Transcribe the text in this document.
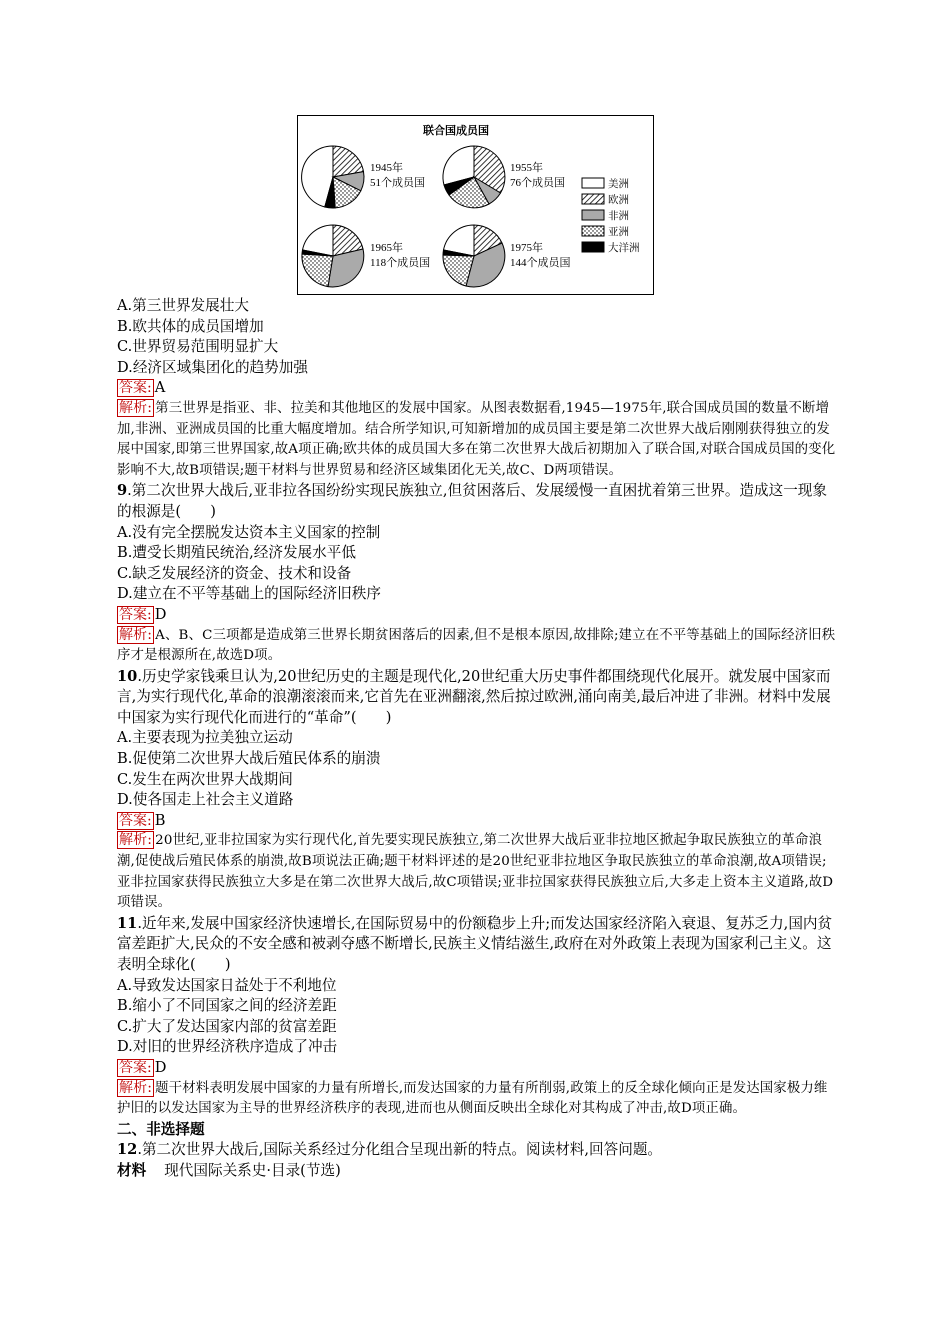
联合国成员国
1945年
51个成员国
1955年
76个成员国
1965年
118个成员国
1975年
144个成员国
美洲
欧洲
非洲
亚洲
大洋洲
A.第三世界发展壮大
B.欧共体的成员国增加
C.世界贸易范围明显扩大
D.经济区域集团化的趋势加强
答案: A
解析: 第三世界是指亚、非、拉美和其他地区的发展中国家。从图表数据看,1945—1975年,联合国成员国的数量不断增加,非洲、亚洲成员国的比重大幅度增加。结合所学知识,可知新增加的成员国主要是第二次世界大战后刚刚获得独立的发展中国家,即第三世界国家,故A项正确;欧共体的成员国大多在第二次世界大战后初期加入了联合国,对联合国成员国的变化影响不大,故B项错误;题干材料与世界贸易和经济区域集团化无关,故C、D两项错误。
9.第二次世界大战后,亚非拉各国纷纷实现民族独立,但贫困落后、发展缓慢一直困扰着第三世界。造成这一现象的根源是(　　)
A.没有完全摆脱发达资本主义国家的控制
B.遭受长期殖民统治,经济发展水平低
C.缺乏发展经济的资金、技术和设备
D.建立在不平等基础上的国际经济旧秩序
答案: D
解析: A、B、C三项都是造成第三世界长期贫困落后的因素,但不是根本原因,故排除;建立在不平等基础上的国际经济旧秩序才是根源所在,故选D项。
10.历史学家钱乘旦认为,20世纪历史的主题是现代化,20世纪重大历史事件都围绕现代化展开。就发展中国家而言,为实行现代化,革命的浪潮滚滚而来,它首先在亚洲翻滚,然后掠过欧洲,涌向南美,最后冲进了非洲。材料中发展中国家为实行现代化而进行的“革命”(　　)
A.主要表现为拉美独立运动
B.促使第二次世界大战后殖民体系的崩溃
C.发生在两次世界大战期间
D.使各国走上社会主义道路
答案: B
解析: 20世纪,亚非拉国家为实行现代化,首先要实现民族独立,第二次世界大战后亚非拉地区掀起争取民族独立的革命浪潮,促使战后殖民体系的崩溃,故B项说法正确;题干材料评述的是20世纪亚非拉地区争取民族独立的革命浪潮,故A项错误;亚非拉国家获得民族独立大多是在第二次世界大战后,故C项错误;亚非拉国家获得民族独立后,大多走上资本主义道路,故D项错误。
11.近年来,发展中国家经济快速增长,在国际贸易中的份额稳步上升;而发达国家经济陷入衰退、复苏乏力,国内贫富差距扩大,民众的不安全感和被剥夺感不断增长,民族主义情结滋生,政府在对外政策上表现为国家利己主义。这表明全球化(　　)
A.导致发达国家日益处于不利地位
B.缩小了不同国家之间的经济差距
C.扩大了发达国家内部的贫富差距
D.对旧的世界经济秩序造成了冲击
答案: D
解析: 题干材料表明发展中国家的力量有所增长,而发达国家的力量有所削弱,政策上的反全球化倾向正是发达国家极力维护旧的以发达国家为主导的世界经济秩序的表现,进而也从侧面反映出全球化对其构成了冲击,故D项正确。
二、非选择题
12.第二次世界大战后,国际关系经过分化组合呈现出新的特点。阅读材料,回答问题。
材料 现代国际关系史·目录(节选)
